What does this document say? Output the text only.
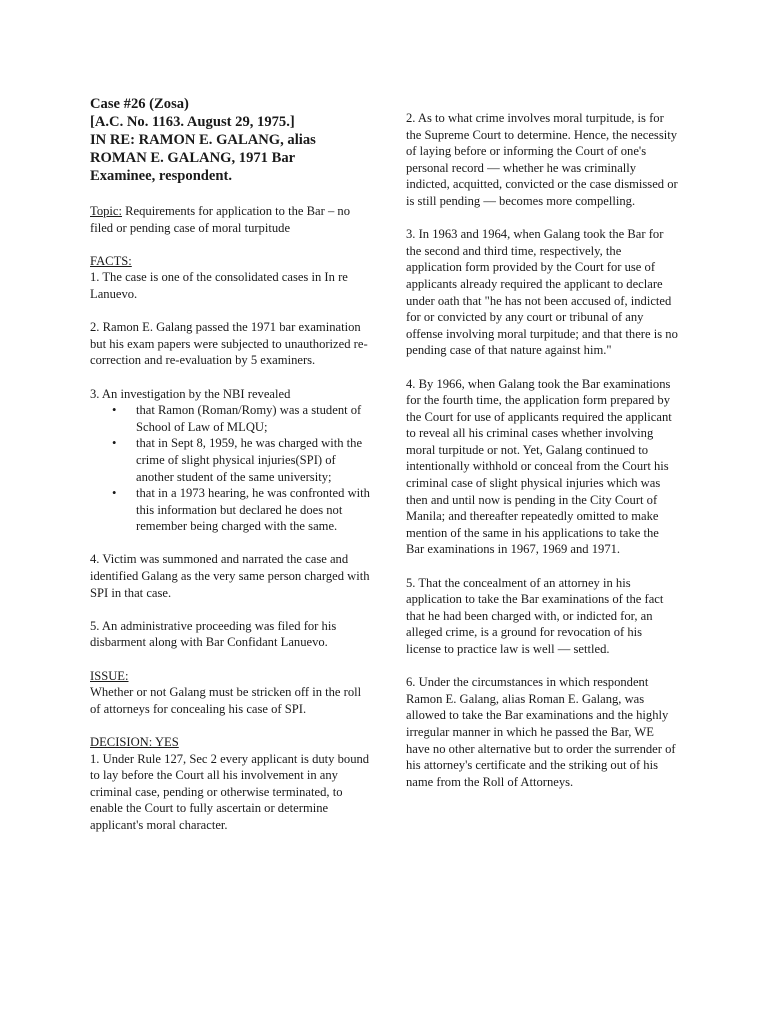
Case #26 (Zosa)
[A.C. No. 1163. August 29, 1975.]
IN RE: RAMON E. GALANG, alias
ROMAN E. GALANG, 1971 Bar
Examinee, respondent.

Topic: Requirements for application to the Bar – no filed or pending case of moral turpitude

FACTS:

1. The case is one of the consolidated cases in In re Lanuevo.

2. Ramon E. Galang passed the 1971 bar examination but his exam papers were subjected to unauthorized re-correction and re-evaluation by 5 examiners.

3. An investigation by the NBI revealed

• that Ramon (Roman/Romy) was a student of School of Law of MLQU;
• that in Sept 8, 1959, he was charged with the crime of slight physical injuries(SPI) of another student of the same university;
• that in a 1973 hearing, he was confronted with this information but declared he does not remember being charged with the same.

4. Victim was summoned and narrated the case and identified Galang as the very same person charged with SPI in that case.

5. An administrative proceeding was filed for his disbarment along with Bar Confidant Lanuevo.

ISSUE:

Whether or not Galang must be stricken off in the roll of attorneys for concealing his case of SPI.

DECISION: YES

1. Under Rule 127, Sec 2 every applicant is duty bound to lay before the Court all his involvement in any criminal case, pending or otherwise terminated, to enable the Court to fully ascertain or determine applicant's moral character.

2. As to what crime involves moral turpitude, is for the Supreme Court to determine. Hence, the necessity of laying before or informing the Court of one's personal record — whether he was criminally indicted, acquitted, convicted or the case dismissed or is still pending — becomes more compelling.

3. In 1963 and 1964, when Galang took the Bar for the second and third time, respectively, the application form provided by the Court for use of applicants already required the applicant to declare under oath that "he has not been accused of, indicted for or convicted by any court or tribunal of any offense involving moral turpitude; and that there is no pending case of that nature against him."

4. By 1966, when Galang took the Bar examinations for the fourth time, the application form prepared by the Court for use of applicants required the applicant to reveal all his criminal cases whether involving moral turpitude or not. Yet, Galang continued to intentionally withhold or conceal from the Court his criminal case of slight physical injuries which was then and until now is pending in the City Court of Manila; and thereafter repeatedly omitted to make mention of the same in his applications to take the Bar examinations in 1967, 1969 and 1971.

5. That the concealment of an attorney in his application to take the Bar examinations of the fact that he had been charged with, or indicted for, an alleged crime, is a ground for revocation of his license to practice law is well — settled.

6. Under the circumstances in which respondent Ramon E. Galang, alias Roman E. Galang, was allowed to take the Bar examinations and the highly irregular manner in which he passed the Bar, WE have no other alternative but to order the surrender of his attorney's certificate and the striking out of his name from the Roll of Attorneys.
